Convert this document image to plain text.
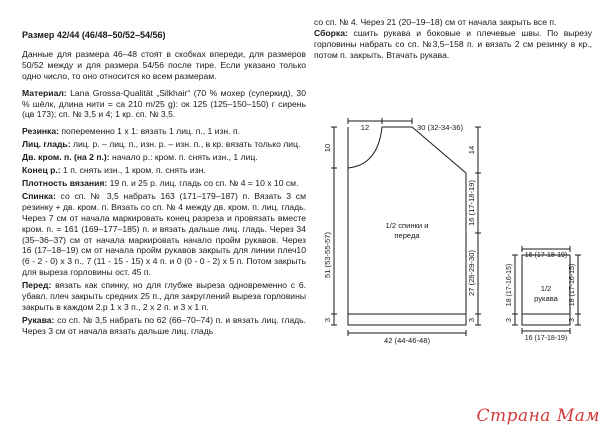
Размер 42/44 (46/48–50/52–54/56)

Данные для размера 46–48 стоят в скобках впереди, для размеров 50/52 между и для размера 54/56 после тире. Если указано только одно число, то оно относится ко всем размерам.

Материал: Lana Grossa-Qualität „Silkhair“ (70 % мохер (суперкид), 30 % шёлк, длина нити = ca 210 m/25 g): ок 125 (125–150–150) г сирень (цв 173); сп. № 3,5 и 4; 1 кр. сп. № 3,5.

Резинка: попеременно 1 x 1: вязать 1 лиц. п., 1 изн. п.

Лиц. гладь: лиц. р. – лиц. п., изн. р. – изн. п., в кр. вязать только лиц.

Дв. кром. п. (на 2 п.): начало р.: кром. п. снять изн., 1 лиц.

Конец р.: 1 п. снять изн., 1 кром. п. снять изн.

Плотность вязания: 19 п. и 25 р. лиц. гладь со сп. № 4 = 10 x 10 см.

Спинка: со сп. № 3,5 набрать 163 (171–179–187) п. Вязать 3 см резинку + дв. кром. п. Вязать со сп. № 4 между дв. кром. п. лиц. гладь. Через 7 см от начала маркировать конец разреза и провязать вместе кром. п. = 161 (169–177–185) п. и вязать дальше лиц. гладь. Через 34 (35–36–37) см от начала маркировать начало пройм рукавов. Через 16 (17–18–19) см от начала пройм рукавов закрыть для линии плеч10 (6 - 2 - 0) x 3 п., 7 (11 - 15 - 15) x 4 п. и 0 (0 - 0 - 2) x 5 п. Потом закрыть для выреза горловины ост. 45 п.

Перед: вязать как спинку, но для глубже выреза одновременно с 6. убавл. плеч закрыть средних 25 п., для закруглений выреза горловины закрыть в каждом 2.р 1 x 3 п., 2 x 2 п. и 3 x 1 п.

Рукава: со сп. № 3,5 набрать по 62 (66–70–74) п. и вязать лиц. гладь. Через 3 см от начала вязать дальше лиц. гладь

со сп. № 4. Через 21 (20–19–18) см от начала закрыть все п.

Сборка: сшить рукава и боковые и плечевые швы. По вырезу горловины набрать со сп. №3,5–158 п. и вязать 2 см резинку в кр., потом п. закрыть. Втачать рукава.

12	30 (32-34-36)
10
51 (53-55-57)
3
14
16 (17-18-19)
27 (28-29-30)
3
42 (44-46-48)
1/2 спинки и
переда
16 (17-18-19)
16 (17-18-19)
18 (17-16-15)	18 (17-16-15)
3	3
1/2
рукава
Страна Мам
